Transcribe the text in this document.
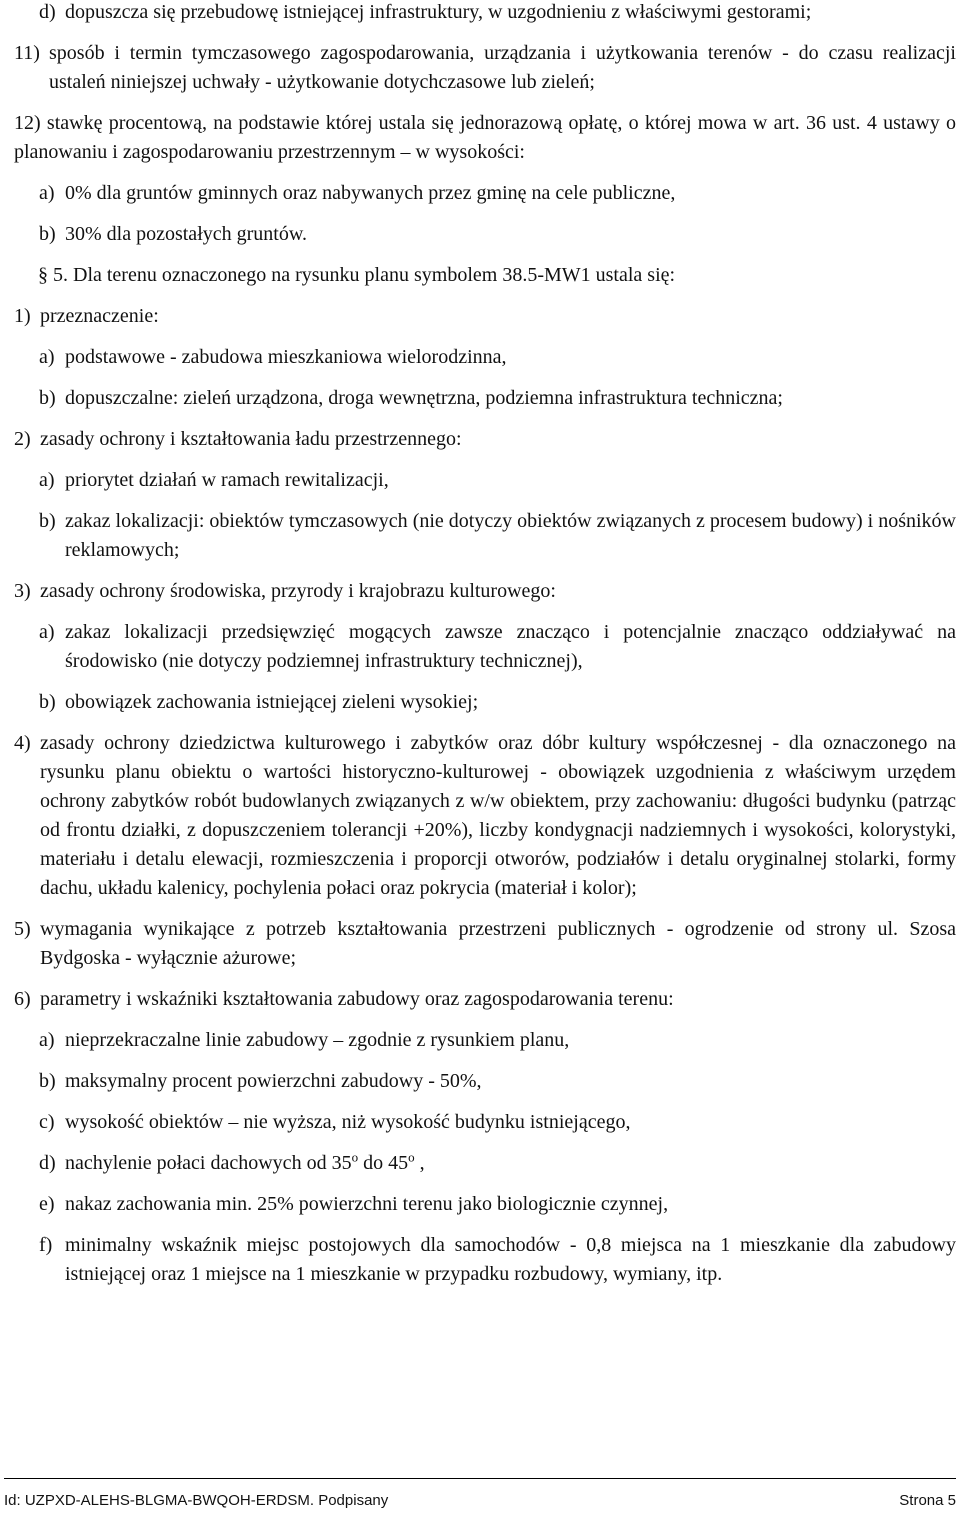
d) dopuszcza się przebudowę istniejącej infrastruktury, w uzgodnieniu z właściwymi gestorami;
11) sposób i termin tymczasowego zagospodarowania, urządzania i użytkowania terenów - do czasu realizacji ustaleń niniejszej uchwały - użytkowanie dotychczasowe lub zieleń;

12) stawkę procentową, na podstawie której ustala się jednorazową opłatę, o której mowa w art. 36 ust. 4 ustawy o planowaniu i zagospodarowaniu przestrzennym – w wysokości:

a) 0% dla gruntów gminnych oraz nabywanych przez gminę na cele publiczne,
b) 30% dla pozostałych gruntów.

§ 5. Dla terenu oznaczonego na rysunku planu symbolem 38.5-MW1 ustala się:

1) przeznaczenie:
a) podstawowe - zabudowa mieszkaniowa wielorodzinna,
b) dopuszczalne: zieleń urządzona, droga wewnętrzna, podziemna infrastruktura techniczna;
2) zasady ochrony i kształtowania ładu przestrzennego:
a) priorytet działań w ramach rewitalizacji,
b) zakaz lokalizacji: obiektów tymczasowych (nie dotyczy obiektów związanych z procesem budowy) i nośników reklamowych;
3) zasady ochrony środowiska, przyrody i krajobrazu kulturowego:
a) zakaz lokalizacji przedsięwzięć mogących zawsze znacząco i potencjalnie znacząco oddziaływać na środowisko (nie dotyczy podziemnej infrastruktury technicznej),
b) obowiązek zachowania istniejącej zieleni wysokiej;
4) zasady ochrony dziedzictwa kulturowego i zabytków oraz dóbr kultury współczesnej - dla oznaczonego na rysunku planu obiektu o wartości historyczno-kulturowej - obowiązek uzgodnienia z właściwym urzędem ochrony zabytków robót budowlanych związanych z w/w obiektem, przy zachowaniu: długości budynku (patrząc od frontu działki, z dopuszczeniem tolerancji +20%), liczby kondygnacji nadziemnych i wysokości, kolorystyki, materiału i detalu elewacji, rozmieszczenia i proporcji otworów, podziałów i detalu oryginalnej stolarki, formy dachu, układu kalenicy, pochylenia połaci oraz pokrycia (materiał i kolor);
5) wymagania wynikające z potrzeb kształtowania przestrzeni publicznych - ogrodzenie od strony ul. Szosa Bydgoska - wyłącznie ażurowe;
6) parametry i wskaźniki kształtowania zabudowy oraz zagospodarowania terenu:
a) nieprzekraczalne linie zabudowy – zgodnie z rysunkiem planu,
b) maksymalny procent powierzchni zabudowy - 50%,
c) wysokość obiektów – nie wyższa, niż wysokość budynku istniejącego,
d) nachylenie połaci dachowych od 35$^o$ do 45$^o$ ,
e) nakaz zachowania min. 25% powierzchni terenu jako biologicznie czynnej,
f) minimalny wskaźnik miejsc postojowych dla samochodów - 0,8 miejsca na 1 mieszkanie dla zabudowy istniejącej oraz 1 miejsce na 1 mieszkanie w przypadku rozbudowy, wymiany, itp.
Id: UZPXD-ALEHS-BLGMA-BWQOH-ERDSM. Podpisany	Strona 5
